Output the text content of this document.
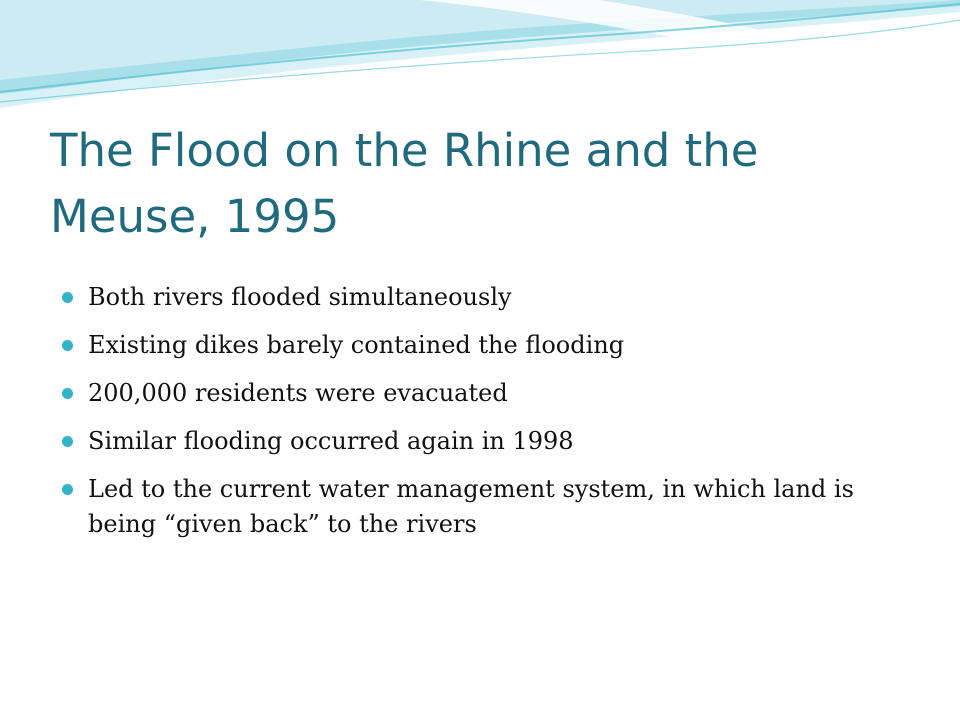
The Flood on the Rhine and the Meuse, 1995
Both rivers flooded simultaneously
Existing dikes barely contained the flooding
200,000 residents were evacuated
Similar flooding occurred again in 1998
Led to the current water management system, in which land is being “given back” to the rivers
